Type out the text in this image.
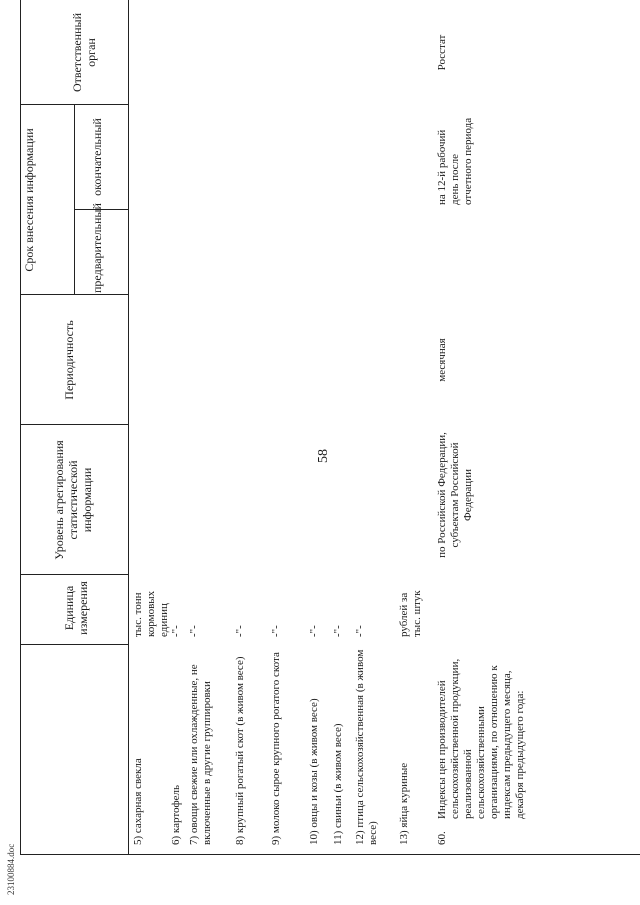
58
23100884.doc
Единица измерения
Уровень агрегирования статистической информации
Периодичность
Срок внесения информации	предварительный
окончательный
Ответственный орган
5) сахарная свекла
тыс. тонн кормовых единиц
6) картофель
-"-
7) овощи свежие или охлажденные, не включенные в другие группировки
-"-
8) крупный рогатый скот (в живом весе)
-"-
9) молоко сырое крупного рогатого скота
-"-
10) овцы и козы (в живом весе)
-"-
11) свиньи (в живом весе)
-"-
12) птица сельскохозяйственная (в живом весе)
-"-
13) яйца куриные
рублей за тыс. штук
60.
Индексы цен производителей сельскохозяйственной продукции, реализованной сельскохозяйственными организациями, по отношению к индексам предыдущего месяца, декабря предыдущего года:
по Российской Федерации, субъектам Российской Федерации
месячная
на 12-й рабочий день после отчетного периода
Росстат
